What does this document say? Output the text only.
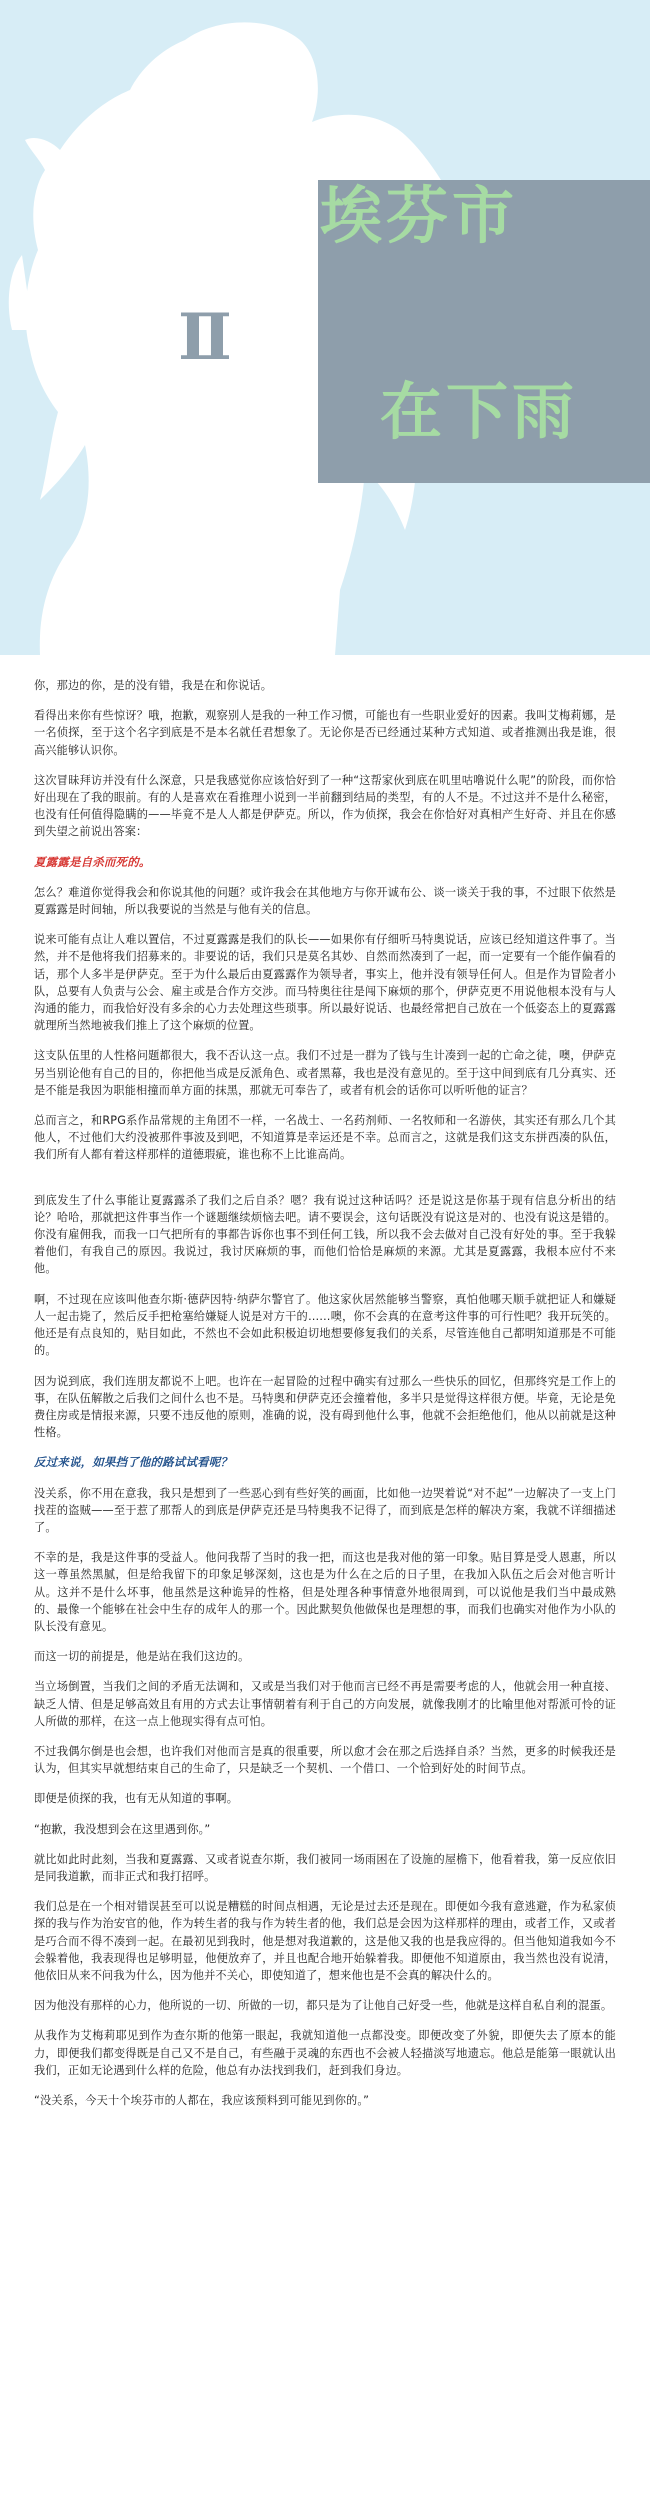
埃芬市
在下雨
Ⅱ

你，那边的你，是的没有错，我是在和你说话。

看得出来你有些惊讶？哦，抱歉，观察别人是我的一种工作习惯，可能也有一些职业爱好的因素。我叫艾梅莉娜，是一名侦探，至于这个名字到底是不是本名就任君想象了。无论你是否已经通过某种方式知道、或者推测出我是谁，很高兴能够认识你。

这次冒昧拜访并没有什么深意，只是我感觉你应该恰好到了一种“这帮家伙到底在叽里咕噜说什么呢”的阶段，而你恰好出现在了我的眼前。有的人是喜欢在看推理小说到一半前翻到结局的类型，有的人不是。不过这并不是什么秘密，也没有任何值得隐瞒的——毕竟不是人人都是伊萨克。所以，作为侦探，我会在你恰好对真相产生好奇、并且在你感到失望之前说出答案：

夏露露是自杀而死的。

怎么？难道你觉得我会和你说其他的问题？或许我会在其他地方与你开诚布公、谈一谈关于我的事，不过眼下依然是夏露露是时间轴，所以我要说的当然是与他有关的信息。

说来可能有点让人难以置信，不过夏露露是我们的队长——如果你有仔细听马特奥说话，应该已经知道这件事了。当然，并不是他将我们招募来的。非要说的话，我们只是莫名其妙、自然而然凑到了一起，而一定要有一个能作偏看的话，那个人多半是伊萨克。至于为什么最后由夏露露作为领导者，事实上，他并没有领导任何人。但是作为冒险者小队，总要有人负责与公会、雇主或是合作方交涉。而马特奥往往是闯下麻烦的那个，伊萨克更不用说他根本没有与人沟通的能力，而我恰好没有多余的心力去处理这些琐事。所以最好说话、也最经常把自己放在一个低姿态上的夏露露就理所当然地被我们推上了这个麻烦的位置。

这支队伍里的人性格问题都很大，我不否认这一点。我们不过是一群为了钱与生计凑到一起的亡命之徒，噢，伊萨克另当别论他有自己的目的，你把他当成是反派角色、或者黑幕，我也是没有意见的。至于这中间到底有几分真实、还是不能是我因为职能相撞而单方面的抹黑，那就无可奉告了，或者有机会的话你可以听听他的证言？

总而言之，和RPG系作品常规的主角团不一样，一名战士、一名药剂师、一名牧师和一名游侠，其实还有那么几个其他人，不过他们大约没被那件事波及到吧，不知道算是幸运还是不幸。总而言之，这就是我们这支东拼西凑的队伍，我们所有人都有着这样那样的道德瑕疵，谁也称不上比谁高尚。

到底发生了什么事能让夏露露杀了我们之后自杀？嗯？我有说过这种话吗？还是说这是你基于现有信息分析出的结论？哈哈，那就把这件事当作一个谜题继续烦恼去吧。请不要误会，这句话既没有说这是对的、也没有说这是错的。你没有雇佣我，而我一口气把所有的事都告诉你也事不到任何工钱，所以我不会去做对自己没有好处的事。至于我躲着他们，有我自己的原因。我说过，我讨厌麻烦的事，而他们恰恰是麻烦的来源。尤其是夏露露，我根本应付不来他。

啊，不过现在应该叫他查尔斯·德萨因特·纳萨尔警官了。他这家伙居然能够当警察，真怕他哪天顺手就把证人和嫌疑人一起击毙了，然后反手把枪塞给嫌疑人说是对方干的……噢，你不会真的在意考这件事的可行性吧？我开玩笑的。他还是有点良知的，贴目如此，不然也不会如此积极迫切地想要修复我们的关系，尽管连他自己都明知道那是不可能的。

因为说到底，我们连朋友都说不上吧。也许在一起冒险的过程中确实有过那么一些快乐的回忆，但那终究是工作上的事，在队伍解散之后我们之间什么也不是。马特奥和伊萨克还会撞着他，多半只是觉得这样很方便。毕竟，无论是免费住房或是情报来源，只要不违反他的原则，准确的说，没有碍到他什么事，他就不会拒绝他们，他从以前就是这种性格。

反过来说，如果挡了他的路试试看呢？

没关系，你不用在意我，我只是想到了一些恶心到有些好笑的画面，比如他一边哭着说“对不起”一边解决了一支上门找茬的盗贼——至于惹了那帮人的到底是伊萨克还是马特奥我不记得了，而到底是怎样的解决方案，我就不详细描述了。

不幸的是，我是这件事的受益人。他问我帮了当时的我一把，而这也是我对他的第一印象。贴目算是受人恩惠，所以这一尊虽然黑腻，但是给我留下的印象足够深刻，这也是为什么在之后的日子里，在我加入队伍之后会对他言听计从。这并不是什么坏事，他虽然是这种诡异的性格，但是处理各种事情意外地很周到，可以说他是我们当中最成熟的、最像一个能够在社会中生存的成年人的那一个。因此默契负他做保也是理想的事，而我们也确实对他作为小队的队长没有意见。

而这一切的前提是，他是站在我们这边的。

当立场倒置，当我们之间的矛盾无法调和，又或是当我们对于他而言已经不再是需要考虑的人，他就会用一种直接、缺乏人情、但是足够高效且有用的方式去让事情朝着有利于自己的方向发展，就像我刚才的比喻里他对帮派可怜的证人所做的那样，在这一点上他现实得有点可怕。

不过我偶尔倒是也会想，也许我们对他而言是真的很重要，所以愈才会在那之后选择自杀？当然，更多的时候我还是认为，但其实早就想结束自己的生命了，只是缺乏一个契机、一个借口、一个恰到好处的时间节点。

即便是侦探的我，也有无从知道的事啊。

“抱歉，我没想到会在这里遇到你。”

就比如此时此刻，当我和夏露露、又或者说查尔斯，我们被同一场雨困在了设施的屋檐下，他看着我，第一反应依旧是同我道歉，而非正式和我打招呼。

我们总是在一个相对错误甚至可以说是糟糕的时间点相遇，无论是过去还是现在。即便如今我有意逃避，作为私家侦探的我与作为治安官的他，作为转生者的我与作为转生者的他，我们总是会因为这样那样的理由，或者工作，又或者是巧合而不得不凑到一起。在最初见到我时，他是想对我道歉的，这是他又我的也是我应得的。但当他知道我如今不会躲着他，我表现得也足够明显，他便放弃了，并且也配合地开始躲着我。即便他不知道原由，我当然也没有说清，他依旧从来不问我为什么，因为他并不关心，即使知道了，想来他也是不会真的解决什么的。

因为他没有那样的心力，他所说的一切、所做的一切，都只是为了让他自己好受一些，他就是这样自私自利的混蛋。

从我作为艾梅莉耶见到作为查尔斯的他第一眼起，我就知道他一点都没变。即便改变了外貌，即便失去了原本的能力，即便我们都变得既是自己又不是自己，有些融于灵魂的东西也不会被人轻描淡写地遗忘。他总是能第一眼就认出我们，正如无论遇到什么样的危险，他总有办法找到我们，赶到我们身边。

“没关系，今天十个埃芬市的人都在，我应该预料到可能见到你的。”
